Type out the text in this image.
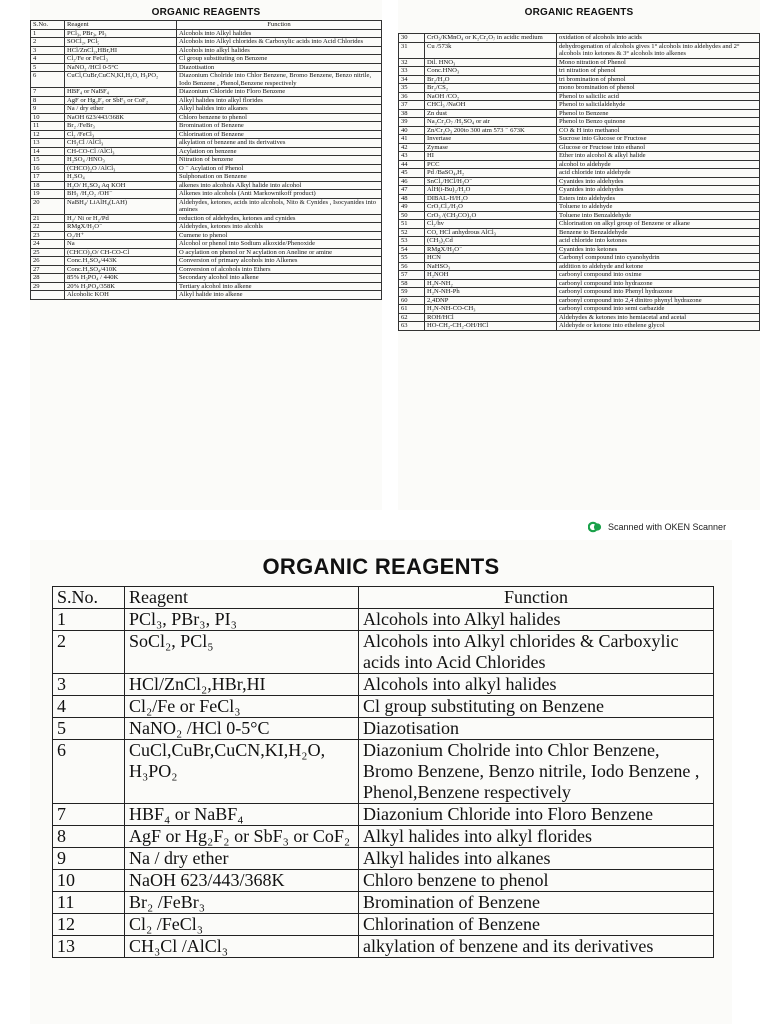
ORGANIC REAGENTS
S.No.	Reagent	Function
1	PCl₃, PBr₃, PI₃	Alcohols into Alkyl halides
2	SOCl₂, PCl₅	Alcohols into Alkyl chlorides & Carboxylic acids into Acid Chlorides
3	HCl/ZnCl₂,HBr,HI	Alcohols into alkyl halides
4	Cl₂/Fe or FeCl₃	Cl group substituting on Benzene
5	NaNO₂ /HCl 0-5°C	Diazotisation
6	CuCl,CuBr,CuCN,KI,H₂O, H₃PO₂	Diazonium Cholride into Chlor Benzene, Bromo Benzene, Benzo nitrile, Iodo Benzene , Phenol,Benzene respectively
7	HBF₄ or NaBF₄	Diazonium Chloride into Floro Benzene
8	AgF or Hg₂F₂ or SbF₃ or CoF₂	Alkyl halides into alkyl florides
9	Na / dry ether	Alkyl halides into alkanes
10	NaOH 623/443/368K	Chloro benzene to phenol
11	Br₂ /FeBr₃	Bromination of Benzene
12	Cl₂ /FeCl₃	Chlorination of Benzene
13	CH₃Cl /AlCl₃	alkylation of benzene and its derivatives
14	CH-CO-Cl /AlCl₃	Acylation on benzene
15	H₂SO₄ /HNO₃	Nitration of benzene
16	(CHCO)₂O /AlCl₃	O ⁻ Acylation of Phenol
17	H₂SO₄	Sulphonation on Benzene
18	H₂O/ H₂SO₄ Aq KOH	alkenes into alcohols Alkyl halide into alcohol
19	BH₃ /H₂O₂ /OH⁻	Alkenes into alcohols (Anti Markownikoff product)
20	NaBH₄/ LiAlH₄(LAH)	Aldehydes, ketones, acids into alcohols, Nito & Cynides , Isocyanides into amines
21	H₂/ Ni or H₂/Pd	reduction of aldehydes, ketones and cynides
22	RMgX/H₃O⁻	Aldehydes, ketones into alcohls
23	O₂/H⁺	Cumene to phenol
24	Na	Alcohol or phenol into Sodium alkoxide/Phenoxide
25	(CHCO)₂O/ CH-CO-Cl	O acylation on phenol or N acylation on Aneline or amine
26	Conc.H₂SO₄/443K	Conversion of primary alcohols into Alkenes
27	Conc.H₂SO₄/410K	Conversion of alcohols into Ethers
28	85% H₃PO₄ / 440K	Secondary alcohol into alkene
29	20% H₃PO₄/358K	Tertiary alcohol into alkene
	Alcoholic KOH	Alkyl halide into alkene
ORGANIC REAGENTS
30	CrO₃/KMnO₄ or K₂Cr₂O₇ in acidic medium	oxidation of alcohols into acids
31	Cu /573k	dehydrogenation of alcohols gives 1° alcohols into aldehydes and 2° alcohols into ketones & 3° alcohols into alkenes
32	Dil. HNO₃	Mono nitration of Phenol
33	Conc.HNO₃	tri nitration of phenol
34	Br₂/H₂O	tri bromination of phenol
35	Br₂/CS₂	mono bromination of phenol
36	NaOH /CO₂	Phenol to salicilic acid
37	CHCl₃ /NaOH	Phenol to salicilaldehyde
38	Zn dust	Phenol to Benzene
39	Na₂Cr₂O₇ /H₂SO₄ or air	Phenol to Benzo quinone
40	Zn/Cr₂O₃ 200to 300 atm 573 ⁻ 673K	CO & H into methanol
41	Invertase	Sucrose into Glucose or Fructose
42	Zymase	Glucose or Fructose into ethanol
43	HI	Ether into alcohol & alkyl halide
44	PCC	alcohol to aldehyde
45	Pd /BaSO₄,H₂	acid chloride into aldehyde
46	SnCl₂/HCl/H₃O⁻	Cyanides into aldehydes
47	AlH(i-Bu)₂/H₂O	Cyanides into aldehydes
48	DIBAL-H/H₂O	Esters into aldehydes
49	CrO₂Cl₂/H₃O	Toluene to aldehyde
50	CrO₃ /(CH₃CO)₂O	Toluene into Benzaldehyde
51	Cl₂/hv	Chlorination on alkyl group of Benzene or alkane
52	CO, HCl anhydrous AlCl₃	Benzene to Benzaldehyde
53	(CH₃)₂Cd	acid chloride into ketones
54	RMgX/H₃O⁻	Cyanides into ketones
55	HCN	Carbonyl compound into cyanohydrin
56	NaHSO₃	addition to aldehyde and ketone
57	H₂NOH	carbonyl compound into oxime
58	H₂N-NH₂	carbonyl compound into hydrazone
59	H₂N-NH-Ph	carbonyl compound into Phenyl hydrazone
60	2,4DNP	carbonyl compound into 2,4 dinitro phynyl hydrazone
61	H₂N-NH-CO-CH₃	carbonyl compound into semi carbazide
62	ROH/HCl	Aldehydes & ketones into hemiacetal and acetal
63	HO-CH₂-CH₂-OH/HCl	Aldehyde or ketone into ethelene glycol
Scanned with OKEN Scanner
ORGANIC REAGENTS
S.No.	Reagent	Function
1	PCl₃, PBr₃, PI₃	Alcohols into Alkyl halides
2	SoCl₂, PCl₅	Alcohols into Alkyl chlorides & Carboxylic acids into Acid Chlorides
3	HCl/ZnCl₂,HBr,HI	Alcohols into alkyl halides
4	Cl₂/Fe or FeCl₃	Cl group substituting on Benzene
5	NaNO₂ /HCl 0-5°C	Diazotisation
6	CuCl,CuBr,CuCN,KI,H₂O, H₃PO₂	Diazonium Cholride into Chlor Benzene, Bromo Benzene, Benzo nitrile, Iodo Benzene , Phenol,Benzene respectively
7	HBF₄ or NaBF₄	Diazonium Chloride into Floro Benzene
8	AgF or Hg₂F₂ or SbF₃ or CoF₂	Alkyl halides into alkyl florides
9	Na / dry ether	Alkyl halides into alkanes
10	NaOH 623/443/368K	Chloro benzene to phenol
11	Br₂ /FeBr₃	Bromination of Benzene
12	Cl₂ /FeCl₃	Chlorination of Benzene
13	CH₃Cl /AlCl₃	alkylation of benzene and its derivatives
